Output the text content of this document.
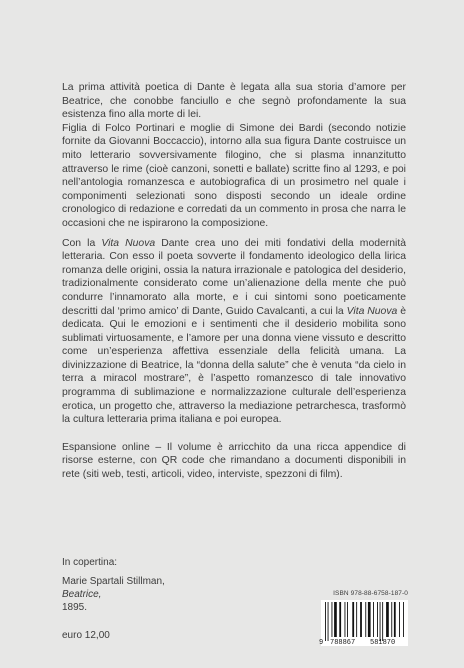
La prima attività poetica di Dante è legata alla sua storia d’amore per Beatrice, che conobbe fanciullo e che segnò profondamente la sua esistenza fino alla morte di lei.

Figlia di Folco Portinari e moglie di Simone dei Bardi (secondo notizie fornite da Giovanni Boccaccio), intorno alla sua figura Dante costruisce un mito letterario sovversivamente filogino, che si plasma innanzitutto attraverso le rime (cioè canzoni, sonetti e ballate) scritte fino al 1293, e poi nell’antologia romanzesca e autobiografica di un prosimetro nel quale i componimenti selezionati sono disposti secondo un ideale ordine cronologico di redazione e corredati da un commento in prosa che narra le occasioni che ne ispirarono la composizione.

Con la Vita Nuova Dante crea uno dei miti fondativi della modernità letteraria. Con esso il poeta sovverte il fondamento ideologico della lirica romanza delle origini, ossia la natura irrazionale e patologica del desiderio, tradizionalmente considerato come un’alienazione della mente che può condurre l’innamorato alla morte, e i cui sintomi sono poeticamente descritti dal ‘primo amico’ di Dante, Guido Cavalcanti, a cui la Vita Nuova è dedicata. Qui le emozioni e i sentimenti che il desiderio mobilita sono sublimati virtuosamente, e l’amore per una donna viene vissuto e descritto come un’esperienza affettiva essenziale della felicità umana. La divinizzazione di Beatrice, la “donna della salute” che è venuta “da cielo in terra a miracol mostrare”, è l’aspetto romanzesco di tale innovativo programma di sublimazione e normalizzazione culturale dell’esperienza erotica, un progetto che, attraverso la mediazione petrarchesca, trasformò la cultura letteraria prima italiana e poi europea.

Espansione online – Il volume è arricchito da una ricca appendice di risorse esterne, con QR code che rimandano a documenti disponibili in rete (siti web, testi, articoli, video, interviste, spezzoni di film).

In copertina:
Marie Spartali Stillman,
Beatrice,
1895.
ISBN 978-88-6758-187-0
9 788867 581870
euro 12,00
